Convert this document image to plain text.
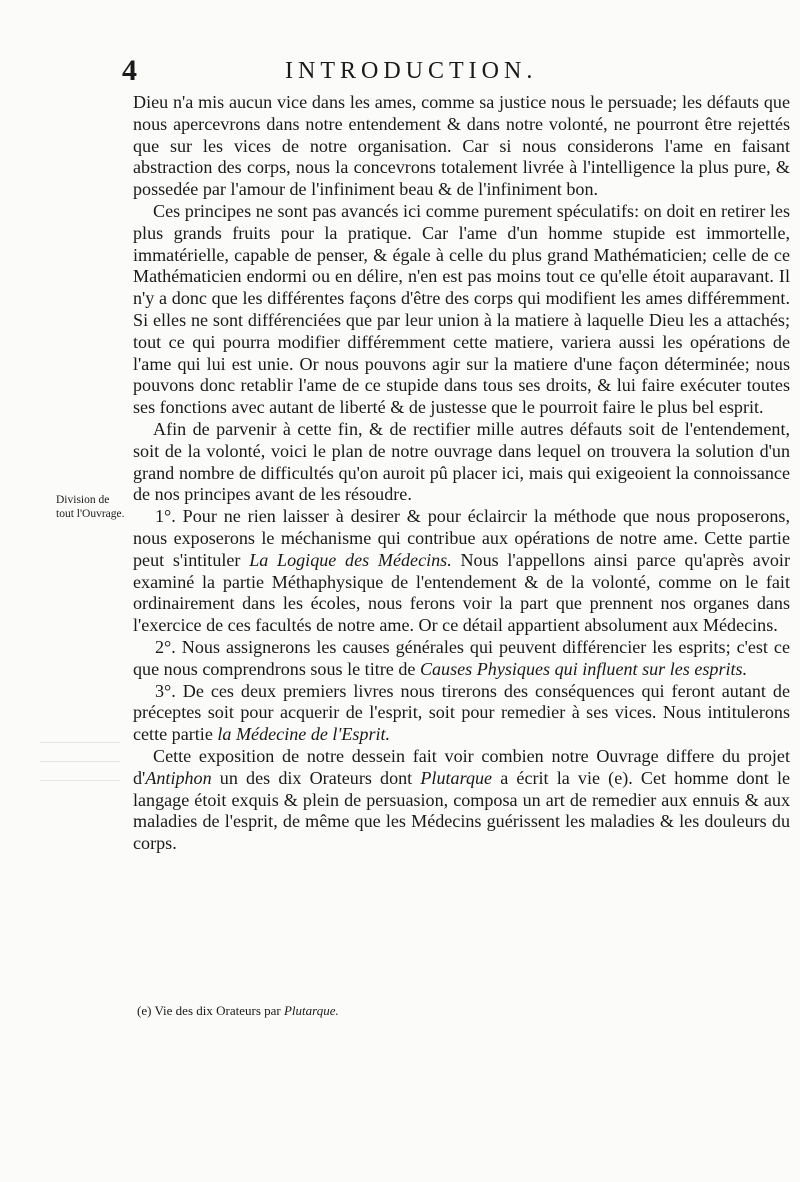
4	INTRODUCTION.
Division de tout l'Ouvrage.

Dieu n'a mis aucun vice dans les ames, comme sa justice nous le persuade; les défauts que nous apercevrons dans notre entendement & dans notre volonté, ne pourront être rejettés que sur les vices de notre organisation. Car si nous considerons l'ame en faisant abstraction des corps, nous la concevrons totalement livrée à l'intelligence la plus pure, & possedée par l'amour de l'infiniment beau & de l'infiniment bon.

Ces principes ne sont pas avancés ici comme purement spéculatifs: on doit en retirer les plus grands fruits pour la pratique. Car l'ame d'un homme stupide est immortelle, immatérielle, capable de penser, & égale à celle du plus grand Mathématicien; celle de ce Mathématicien endormi ou en délire, n'en est pas moins tout ce qu'elle étoit auparavant. Il n'y a donc que les différentes façons d'être des corps qui modifient les ames différemment. Si elles ne sont différenciées que par leur union à la matiere à laquelle Dieu les a attachés; tout ce qui pourra modifier différemment cette matiere, variera aussi les opérations de l'ame qui lui est unie. Or nous pouvons agir sur la matiere d'une façon déterminée; nous pouvons donc retablir l'ame de ce stupide dans tous ses droits, & lui faire exécuter toutes ses fonctions avec autant de liberté & de justesse que le pourroit faire le plus bel esprit.

Afin de parvenir à cette fin, & de rectifier mille autres défauts soit de l'entendement, soit de la volonté, voici le plan de notre ouvrage dans lequel on trouvera la solution d'un grand nombre de difficultés qu'on auroit pû placer ici, mais qui exigeoient la connoissance de nos principes avant de les résoudre.

1°. Pour ne rien laisser à desirer & pour éclaircir la méthode que nous proposerons, nous exposerons le méchanisme qui contribue aux opérations de notre ame. Cette partie peut s'intituler La Logique des Médecins. Nous l'appellons ainsi parce qu'après avoir examiné la partie Méthaphysique de l'entendement & de la volonté, comme on le fait ordinairement dans les écoles, nous ferons voir la part que prennent nos organes dans l'exercice de ces facultés de notre ame. Or ce détail appartient absolument aux Médecins.

2°. Nous assignerons les causes générales qui peuvent différencier les esprits; c'est ce que nous comprendrons sous le titre de Causes Physiques qui influent sur les esprits.

3°. De ces deux premiers livres nous tirerons des conséquences qui feront autant de préceptes soit pour acquerir de l'esprit, soit pour remedier à ses vices. Nous intitulerons cette partie la Médecine de l'Esprit.

Cette exposition de notre dessein fait voir combien notre Ouvrage differe du projet d'Antiphon un des dix Orateurs dont Plutarque a écrit la vie (e). Cet homme dont le langage étoit exquis & plein de persuasion, composa un art de remedier aux ennuis & aux maladies de l'esprit, de même que les Médecins guérissent les maladies & les douleurs du corps.

(e) Vie des dix Orateurs par Plutarque.
